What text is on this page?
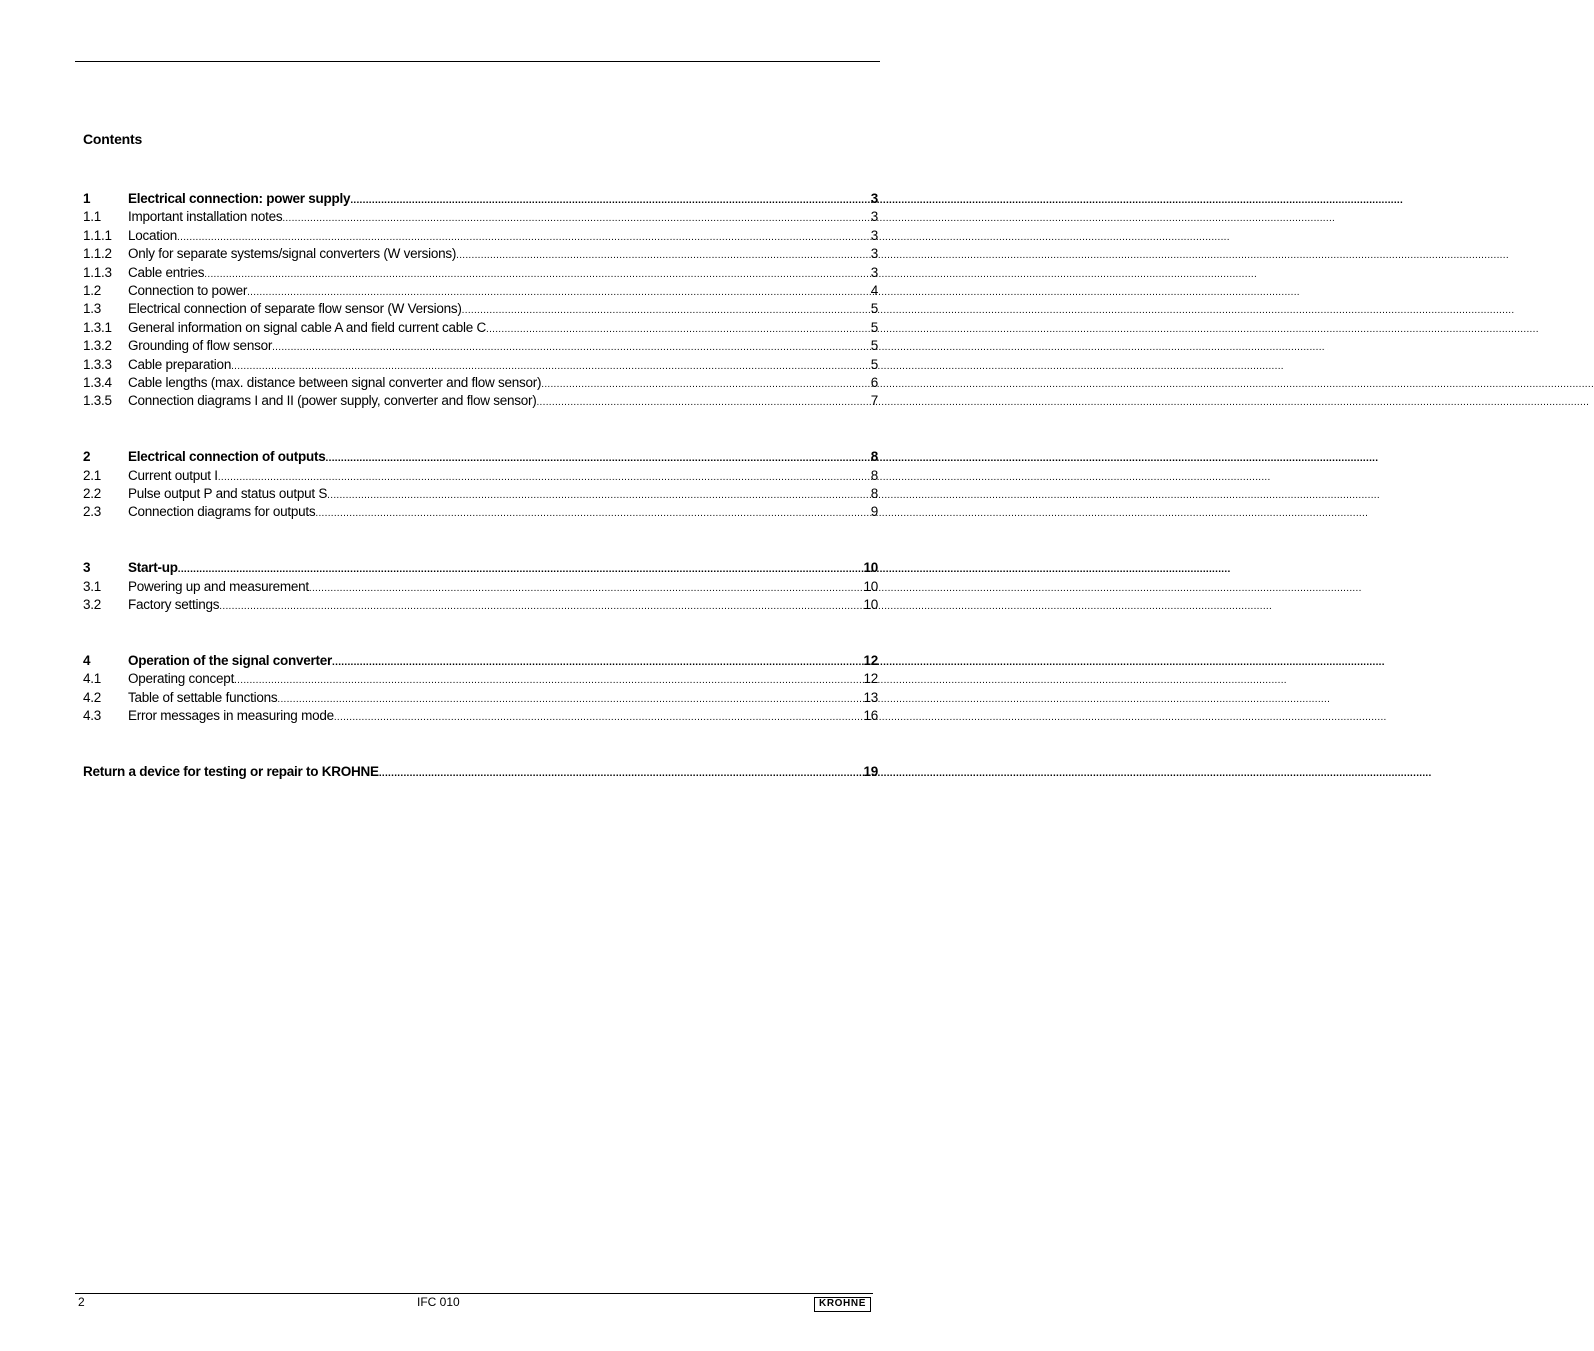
Contents
1	Electrical connection: power supply .....	3
1.1	Important installation notes .....	3
1.1.1	Location .....	3
1.1.2	Only for separate systems/signal converters (W versions) .....	3
1.1.3	Cable entries .....	3
1.2	Connection to power .....	4
1.3	Electrical connection of separate flow sensor (W Versions) .....	5
1.3.1	General information on signal cable A and field current cable C .....	5
1.3.2	Grounding of flow sensor .....	5
1.3.3	Cable preparation .....	5
1.3.4	Cable lengths (max. distance between signal converter and flow sensor) .....	6
1.3.5	Connection diagrams I and II (power supply, converter and flow sensor) .....	7
2	Electrical connection of outputs .....	8
2.1	Current output I .....	8
2.2	Pulse output P and status output S .....	8
2.3	Connection diagrams for outputs .....	9
3	Start-up .....	10
3.1	Powering up and measurement .....	10
3.2	Factory settings .....	10
4	Operation of the signal converter .....	12
4.1	Operating concept .....	12
4.2	Table of settable functions .....	13
4.3	Error messages in measuring mode .....	16
Return a device for testing or repair to KROHNE .....	19
2	IFC 010	KROHNE
